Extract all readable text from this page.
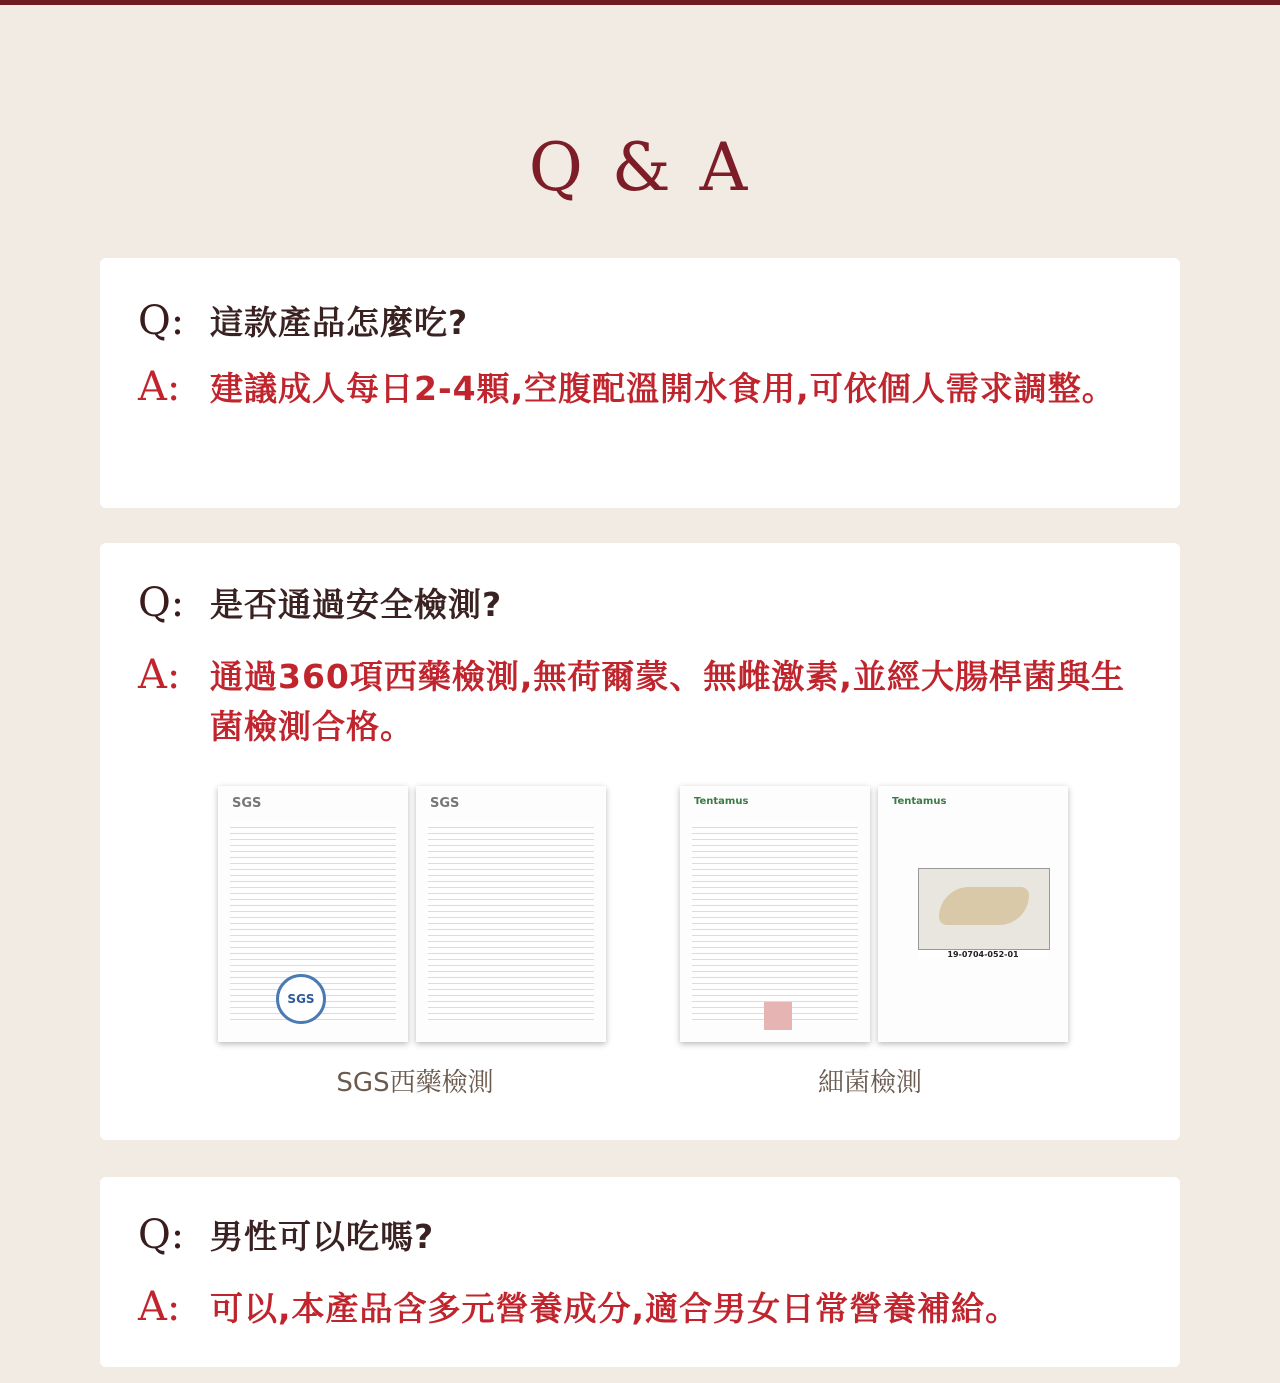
Q & A
Q: 這款產品怎麼吃?
A: 建議成人每日2-4顆,空腹配溫開水食用,可依個人需求調整。
Q: 是否通過安全檢測?
A: 通過360項西藥檢測,無荷爾蒙、無雌激素,並經大腸桿菌與生菌檢測合格。
SGS
SGS
SGS
SGS西藥檢測
Tentamus	Tentamus
19-0704-052-01
細菌檢測
Q: 男性可以吃嗎?
A: 可以,本產品含多元營養成分,適合男女日常營養補給。
